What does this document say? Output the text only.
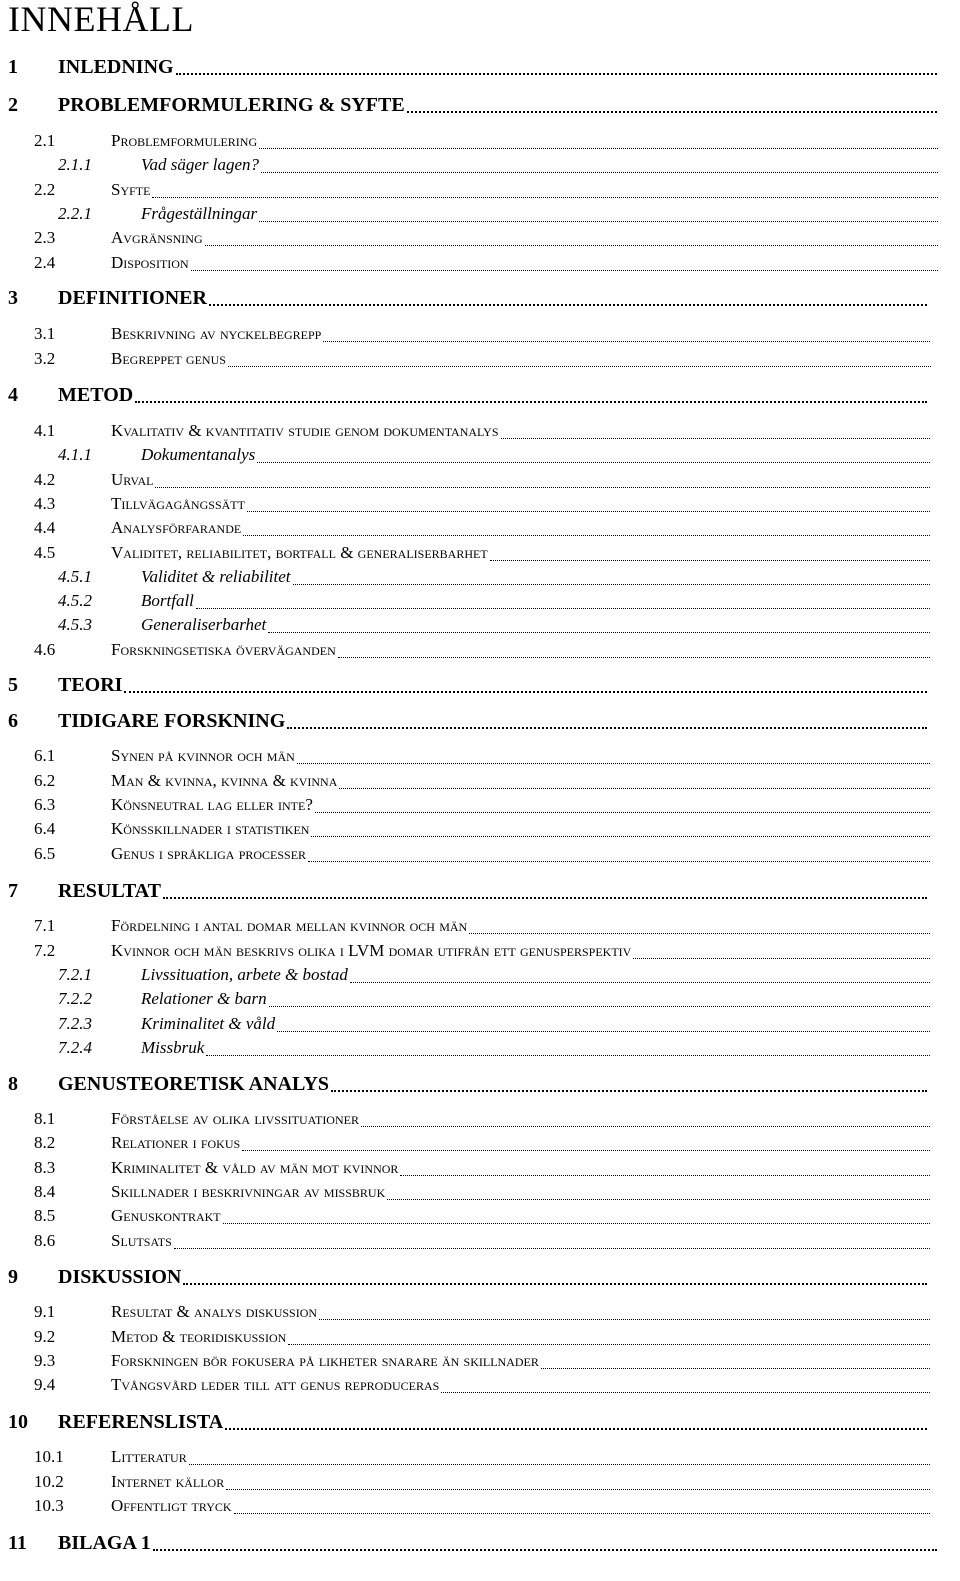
INNEHÅLL
1 INLEDNING
2 PROBLEMFORMULERING & SYFTE
2.1	Problemformulering
2.1.1	Vad säger lagen?
2.2	Syfte
2.2.1	Frågeställningar
2.3	Avgränsning
2.4	Disposition
3 DEFINITIONER
3.1	Beskrivning av nyckelbegrepp
3.2	Begreppet genus
4 METOD
4.1	Kvalitativ & kvantitativ studie genom dokumentanalys
4.1.1	Dokumentanalys
4.2	Urval
4.3	Tillvägagångssätt
4.4	Analysförfarande
4.5	Validitet, reliabilitet, bortfall & generaliserbarhet
4.5.1	Validitet & reliabilitet
4.5.2	Bortfall
4.5.3	Generaliserbarhet
4.6	Forskningsetiska överväganden
5 TEORI
6 TIDIGARE FORSKNING
6.1	Synen på kvinnor och män
6.2	Man & kvinna, kvinna & kvinna
6.3	Könsneutral lag eller inte?
6.4	Könsskillnader i statistiken
6.5	Genus i språkliga processer
7 RESULTAT
7.1	Fördelning i antal domar mellan kvinnor och män
7.2	Kvinnor och män beskrivs olika i LVM domar utifrån ett genusperspektiv
7.2.1	Livssituation, arbete & bostad
7.2.2	Relationer & barn
7.2.3	Kriminalitet & våld
7.2.4	Missbruk
8 GENUSTEORETISK ANALYS
8.1	Förståelse av olika livssituationer
8.2	Relationer i fokus
8.3	Kriminalitet & våld av män mot kvinnor
8.4	Skillnader i beskrivningar av missbruk
8.5	Genuskontrakt
8.6	Slutsats
9 DISKUSSION
9.1	Resultat & analys diskussion
9.2	Metod & teoridiskussion
9.3	Forskningen bör fokusera på likheter snarare än skillnader
9.4	Tvångsvård leder till att genus reproduceras
10 REFERENSLISTA
10.1	Litteratur
10.2	Internet källor
10.3	Offentligt tryck
11 BILAGA 1
